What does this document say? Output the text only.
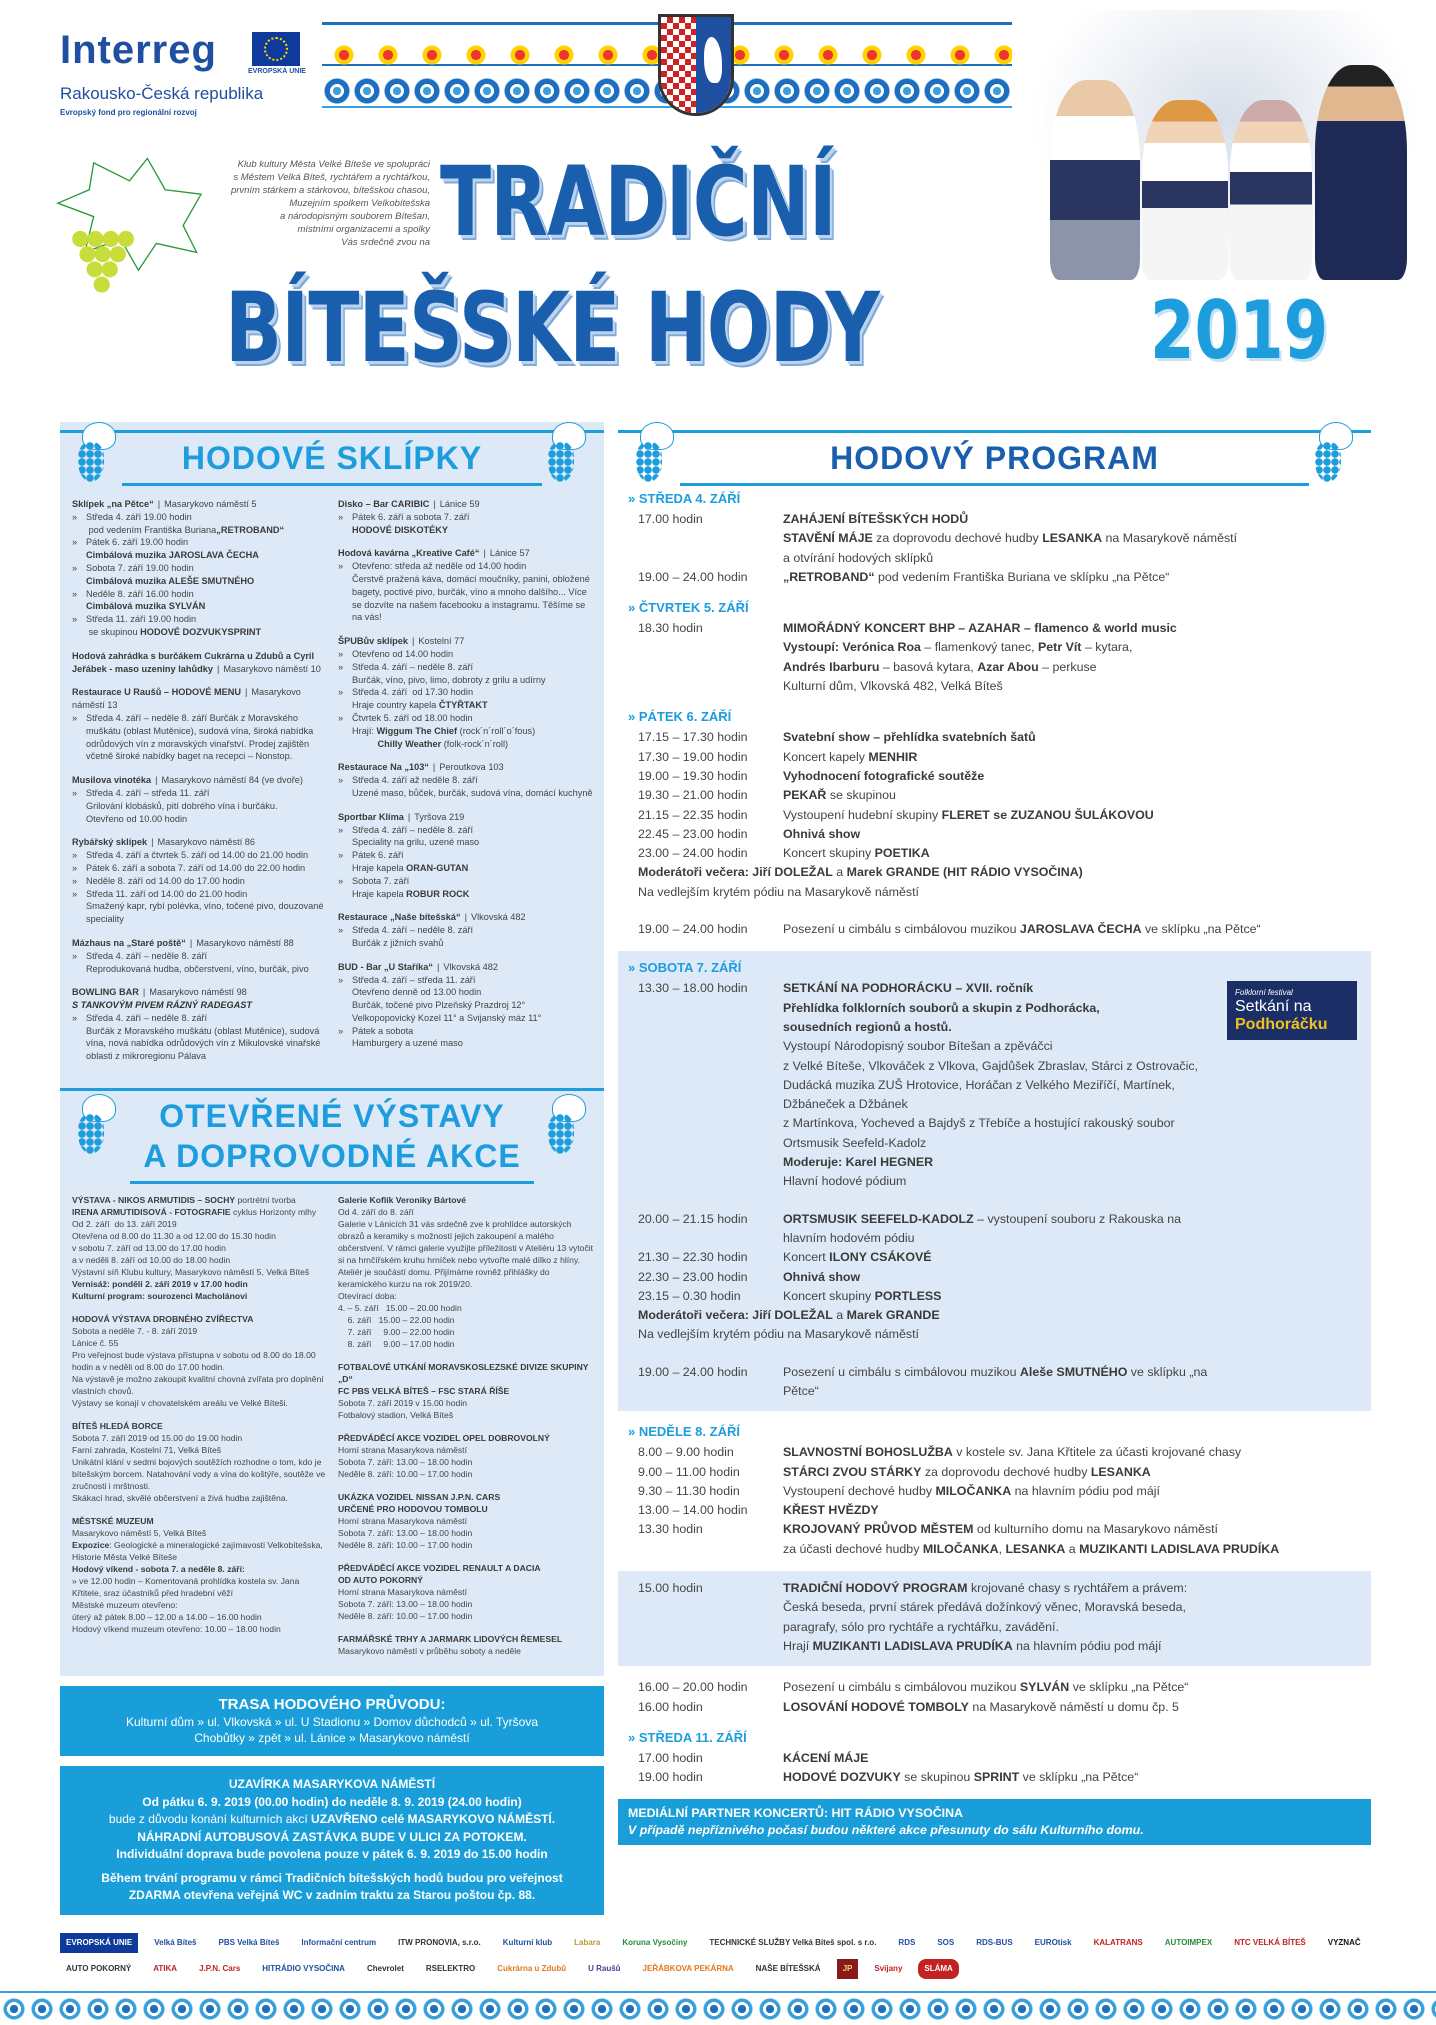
Interreg	EVROPSKÁ UNIE
Rakousko-Česká republika
Evropský fond pro regionální rozvoj
Klub kultury Města Velké Bíteše ve spolupráci
s Městem Velká Bíteš, rychtářem a rychtářkou,
prvním stárkem a stárkovou, bítešskou chasou,
Muzejním spolkem Velkobítešska
a národopisným souborem Bítešan,
místními organizacemi a spolky
Vás srdečně zvou na TRADIČNÍ
BÍTEŠSKÉ HODY	2019
HODOVÉ SKLÍPKY
Sklípek „na Pětce“ | Masarykovo náměstí 5
» Středa 4. září 19.00 hodin
pod vedením Františka Buriana„RETROBAND“
» Pátek 6. září 19.00 hodin
Cimbálová muzika JAROSLAVA ČECHA
» Sobota 7. září 19.00 hodin
Cimbálová muzika ALEŠE SMUTNÉHO
» Neděle 8. září 16.00 hodin
Cimbálová muzika SYLVÁN
» Středa 11. září 19.00 hodin
se skupinou HODOVÉ DOZVUKYSPRINT
Hodová zahrádka s burčákem Cukrárna u Zdubů a Cyril Jeřábek - maso uzeniny lahůdky | Masarykovo náměstí 10
Restaurace U Raušů – HODOVÉ MENU | Masarykovo náměstí 13
» Středa 4. září – neděle 8. září Burčák z Moravského muškátu (oblast Mutěnice), sudová vína, široká nabídka odrůdových vín z moravských vinařství. Prodej zajištěn včetně široké nabídky baget na recepci – Nonstop.
Musilova vinotéka | Masarykovo náměstí 84 (ve dvoře)
» Středa 4. září – středa 11. září
Grilování klobásků, pití dobrého vína i burčáku.
Otevřeno od 10.00 hodin
Rybářský sklípek | Masarykovo náměstí 86
» Středa 4. září a čtvrtek 5. září od 14.00 do 21.00 hodin
» Pátek 6. září a sobota 7. září od 14.00 do 22.00 hodin
» Neděle 8. září od 14.00 do 17.00 hodin
» Středa 11. září od 14.00 do 21.00 hodin
Smažený kapr, rybí polévka, víno, točené pivo, douzované speciality
Mázhaus na „Staré poště“ | Masarykovo náměstí 88
» Středa 4. září – neděle 8. září
Reprodukovaná hudba, občerstvení, víno, burčák, pivo
BOWLING BAR | Masarykovo náměstí 98
S TANKOVÝM PIVEM RÁZNÝ RADEGAST
» Středa 4. září – neděle 8. září
Burčák z Moravského muškátu (oblast Mutěnice), sudová vína, nová nabídka odrůdových vín z Mikulovské vinařské oblasti z mikroregionu Pálava
Disko – Bar CARIBIC | Lánice 59
» Pátek 6. září a sobota 7. září
HODOVÉ DISKOTÉKY
Hodová kavárna „Kreative Café“ | Lánice 57
» Otevřeno: středa až neděle od 14.00 hodin
Čerstvě pražená káva, domácí moučníky, panini, obložené bagety, poctivé pivo, burčák, víno a mnoho dalšího... Více se dozvíte na našem facebooku a instagramu. Těšíme se na vás!
ŠPUBův sklípek | Kostelní 77
» Otevřeno od 14.00 hodin
» Středa 4. září – neděle 8. září
Burčák, víno, pivo, limo, dobroty z grilu a udírny
» Středa 4. září  od 17.30 hodin
Hraje country kapela ČTYŘTAKT
» Čtvrtek 5. září od 18.00 hodin
Hrají: Wiggum The Chief (rock´n´roll´o´fous)
Chilly Weather (folk-rock´n´roll)
Restaurace Na „103“ | Peroutkova 103
» Středa 4. září až neděle 8. září
Uzené maso, bůček, burčák, sudová vína, domácí kuchyně
Sportbar Klíma | Tyršova 219
» Středa 4. září – neděle 8. září
Speciality na grilu, uzené maso
» Pátek 6. září
Hraje kapela ORAN-GUTAN
» Sobota 7. září
Hraje kapela ROBUR ROCK
Restaurace „Naše bítešská“ | Vlkovská 482
» Středa 4. září – neděle 8. září
Burčák z jižních svahů
BUD - Bar „U Staříka“ | Vlkovská 482
» Středa 4. září – středa 11. září
Otevřeno denně od 13.00 hodin
Burčák, točené pivo Plzeňský Prazdroj 12°
Velkopopovický Kozel 11° a Svijanský máz 11°
» Pátek a sobota
Hamburgery a uzené maso
OTEVŘENÉ VÝSTAVY
A DOPROVODNÉ AKCE
VÝSTAVA - NIKOS ARMUTIDIS – SOCHY portrétní tvorba
IRENA ARMUTIDISOVÁ - FOTOGRAFIE cyklus Horizonty mlhy
Od 2. září  do 13. září 2019
Otevřena od 8.00 do 11.30 a od 12.00 do 15.30 hodin
v sobotu 7. září od 13.00 do 17.00 hodin
a v neděli 8. září od 10.00 do 18.00 hodin
Výstavní síň Klubu kultury, Masarykovo náměstí 5, Velká Bíteš
Vernisáž: pondělí 2. září 2019 v 17.00 hodin
Kulturní program: sourozenci Macholánovi
HODOVÁ VÝSTAVA DROBNÉHO ZVÍŘECTVA
Sobota a neděle 7. - 8. září 2019
Lánice č. 55
Pro veřejnost bude výstava přístupna v sobotu od 8.00 do 18.00 hodin a v neděli od 8.00 do 17.00 hodin.
Na výstavě je možno zakoupit kvalitní chovná zvířata pro doplnění vlastních chovů.
Výstavy se konají v chovatelském areálu ve Velké Bíteši.
BÍTEŠ HLEDÁ BORCE
Sobota 7. září 2019 od 15.00 do 19.00 hodin
Farní zahrada, Kostelní 71, Velká Bíteš
Unikátní klání v sedmi bojových soutěžích rozhodne o tom, kdo je bítešským borcem. Natahování vody a vína do koštýře, soutěže ve zručnosti i mrštnosti.
Skákací hrad, skvělé občerstvení a živá hudba zajištěna.
MĚSTSKÉ MUZEUM
Masarykovo náměstí 5, Velká Bíteš
Expozice: Geologické a mineralogické zajímavosti Velkobítešska, Historie Města Velké Bíteše
Hodový víkend - sobota 7. a neděle 8. září:
» ve 12.00 hodin – Komentovaná prohlídka kostela sv. Jana Křtitele, sraz účastníků před hradební věží
Městské muzeum otevřeno:
úterý až pátek 8.00 – 12.00 a 14.00 – 16.00 hodin
Hodový víkend muzeum otevřeno: 10.00 – 18.00 hodin
Galerie Koflík Veroniky Bártové
Od 4. září do 8. září
Galerie v Lánicích 31 vás srdečně zve k prohlídce autorských obrazů a keramiky s možností jejich zakoupení a malého občerstvení. V rámci galerie využijte příležitosti v Ateliéru 13 vytočit si na hrnčířském kruhu hrníček nebo vytvořte malé dílko z hlíny. Ateliér je součástí domu. Přijímáme rovněž přihlášky do keramického kurzu na rok 2019/20.
Otevírací doba:
4. – 5. září   15.00 – 20.00 hodin
6. září   15.00 – 22.00 hodin
7. září     9.00 – 22.00 hodin
8. září     9.00 – 17.00 hodin
FOTBALOVÉ UTKÁNÍ MORAVSKOSLEZSKÉ DIVIZE SKUPINY „D“
FC PBS VELKÁ BÍTEŠ – FSC STARÁ ŘÍŠE
Sobota 7. září 2019 v 15.00 hodin
Fotbalový stadion, Velká Bíteš
PŘEDVÁDĚCÍ AKCE VOZIDEL OPEL DOBROVOLNÝ
Horní strana Masarykova náměstí
Sobota 7. září: 13.00 – 18.00 hodin
Neděle 8. září: 10.00 – 17.00 hodin
UKÁZKA VOZIDEL NISSAN J.P.N. CARS
URČENÉ PRO HODOVOU TOMBOLU
Horní strana Masarykova náměstí
Sobota 7. září: 13.00 – 18.00 hodin
Neděle 8. září: 10.00 – 17.00 hodin
PŘEDVÁDĚCÍ AKCE VOZIDEL RENAULT A DACIA
OD AUTO POKORNÝ
Horní strana Masarykova náměstí
Sobota 7. září: 13.00 – 18.00 hodin
Neděle 8. září: 10.00 – 17.00 hodin
FARMÁŘSKÉ TRHY A JARMARK LIDOVÝCH ŘEMESEL
Masarykovo náměstí v průběhu soboty a neděle
TRASA HODOVÉHO PRŮVODU:
Kulturní dům » ul. Vlkovská » ul. U Stadionu » Domov důchodců » ul. Tyršova
Chobůtky » zpět » ul. Lánice » Masarykovo náměstí

UZAVÍRKA MASARYKOVA NÁMĚSTÍ

Od pátku 6. 9. 2019 (00.00 hodin) do neděle 8. 9. 2019 (24.00 hodin)

bude z důvodu konání kulturních akcí UZAVŘENO celé MASARYKOVO NÁMĚSTÍ.

NÁHRADNÍ AUTOBUSOVÁ ZASTÁVKA BUDE V ULICI ZA POTOKEM.

Individuální doprava bude povolena pouze v pátek 6. 9. 2019 do 15.00 hodin

Během trvání programu v rámci Tradičních bítešských hodů budou pro veřejnost

ZDARMA otevřena veřejná WC v zadním traktu za Starou poštou čp. 88.

HODOVÝ PROGRAM
» STŘEDA 4. ZÁŘÍ
17.00 hodin	ZAHÁJENÍ BÍTEŠSKÝCH HODŮ
STAVĚNÍ MÁJE za doprovodu dechové hudby LESANKA na Masarykově náměstí
a otvírání hodových sklípků
19.00 – 24.00 hodin	„RETROBAND“ pod vedením Františka Buriana ve sklípku „na Pětce“
» ČTVRTEK 5. ZÁŘÍ
18.30 hodin	MIMOŘÁDNÝ KONCERT BHP – AZAHAR – flamenco & world music
Vystoupí: Verónica Roa – flamenkový tanec, Petr Vít – kytara,
Andrés Ibarburu – basová kytara, Azar Abou – perkuse
Kulturní dům, Vlkovská 482, Velká Bíteš
» PÁTEK 6. ZÁŘÍ
17.15 – 17.30 hodin	Svatební show – přehlídka svatebních šatů
17.30 – 19.00 hodin	Koncert kapely MENHIR
19.00 – 19.30 hodin	Vyhodnocení fotografické soutěže
19.30 – 21.00 hodin	PEKAŘ se skupinou
21.15 – 22.35 hodin	Vystoupení hudební skupiny FLERET se ZUZANOU ŠULÁKOVOU
22.45 – 23.00 hodin	Ohnivá show
23.00 – 24.00 hodin	Koncert skupiny POETIKA
Moderátoři večera: Jiří DOLEŽAL a Marek GRANDE (HIT RÁDIO VYSOČINA)
Na vedlejším krytém pódiu na Masarykově náměstí
19.00 – 24.00 hodin	Posezení u cimbálu s cimbálovou muzikou JAROSLAVA ČECHA ve sklípku „na Pětce“
» SOBOTA 7. ZÁŘÍ
13.30 – 18.00 hodin	SETKÁNÍ NA PODHORÁCKU – XVII. ročník
Přehlídka folklorních souborů a skupin z Podhorácka,
sousedních regionů a hostů.
Vystoupí Národopisný soubor Bítešan a zpěváčci
z Velké Bíteše, Vlkováček z Vlkova, Gajdůšek Zbraslav, Stárci z Ostrovačic,
Dudácká muzika ZUŠ Hrotovice, Horáčan z Velkého Meziříčí, Martínek, Džbáneček a Džbánek
z Martínkova, Yocheved a Bajdyš z Třebíče a hostující rakouský soubor Ortsmusik Seefeld-Kadolz
Moderuje: Karel HEGNER
Hlavní hodové pódium
20.00 – 21.15 hodin	ORTSMUSIK SEEFELD-KADOLZ – vystoupení souboru z Rakouska na hlavním hodovém pódiu
21.30 – 22.30 hodin	Koncert ILONY CSÁKOVÉ
22.30 – 23.00 hodin	Ohnivá show
23.15 – 0.30 hodin	Koncert skupiny PORTLESS
Moderátoři večera: Jiří DOLEŽAL a Marek GRANDE
Na vedlejším krytém pódiu na Masarykově náměstí
19.00 – 24.00 hodin	Posezení u cimbálu s cimbálovou muzikou Aleše SMUTNÉHO ve sklípku „na Pětce“
Folklorní festival
Setkání na
Podhoráčku
» NEDĚLE 8. ZÁŘÍ
8.00 – 9.00 hodin	SLAVNOSTNÍ BOHOSLUŽBA v kostele sv. Jana Křtitele za účasti krojované chasy
9.00 – 11.00 hodin	STÁRCI ZVOU STÁRKY za doprovodu dechové hudby LESANKA
9.30 – 11.30 hodin	Vystoupení dechové hudby MILOČANKA na hlavním pódiu pod májí
13.00 – 14.00 hodin	KŘEST HVĚZDY
13.30 hodin	KROJOVANÝ PRŮVOD MĚSTEM od kulturního domu na Masarykovo náměstí
za účasti dechové hudby MILOČANKA, LESANKA a MUZIKANTI LADISLAVA PRUDÍKA
15.00 hodin	TRADIČNÍ HODOVÝ PROGRAM krojované chasy s rychtářem a právem:
Česká beseda, první stárek předává dožínkový věnec, Moravská beseda,
paragrafy, sólo pro rychtáře a rychtářku, zavádění.
Hrají MUZIKANTI LADISLAVA PRUDÍKA na hlavním pódiu pod májí
16.00 – 20.00 hodin	Posezení u cimbálu s cimbálovou muzikou SYLVÁN ve sklípku „na Pětce“
16.00 hodin	LOSOVÁNÍ HODOVÉ TOMBOLY na Masarykově náměstí u domu čp. 5
» STŘEDA 11. ZÁŘÍ
17.00 hodin	KÁCENÍ MÁJE
19.00 hodin	HODOVÉ DOZVUKY se skupinou SPRINT ve sklípku „na Pětce“
MEDIÁLNÍ PARTNER KONCERTŮ: HIT RÁDIO VYSOČINA
V případě nepříznivého počasí budou některé akce přesunuty do sálu Kulturního domu.
EVROPSKÁ UNIE	Velká Bíteš	PBS Velká Bíteš	Informační centrum	ITW PRONOVIA, s.r.o.	Kulturní klub	Labara	Koruna Vysočiny	TECHNICKÉ SLUŽBY Velká Bíteš spol. s r.o.	RDS	SOS	RDS-BUS	EUROtisk	KALATRANS	AUTOIMPEX	NTC VELKÁ BÍTEŠ	VYZNAČ
AUTO POKORNÝ	ATIKA	J.P.N. Cars	HITRÁDIO VYSOČINA	Chevrolet	RSELEKTRO	Cukrárna u Zdubů	U Raušů	JEŘÁBKOVA PEKÁRNA	NAŠE BÍTEŠSKÁ	JP	Svijany	SLÁMA
